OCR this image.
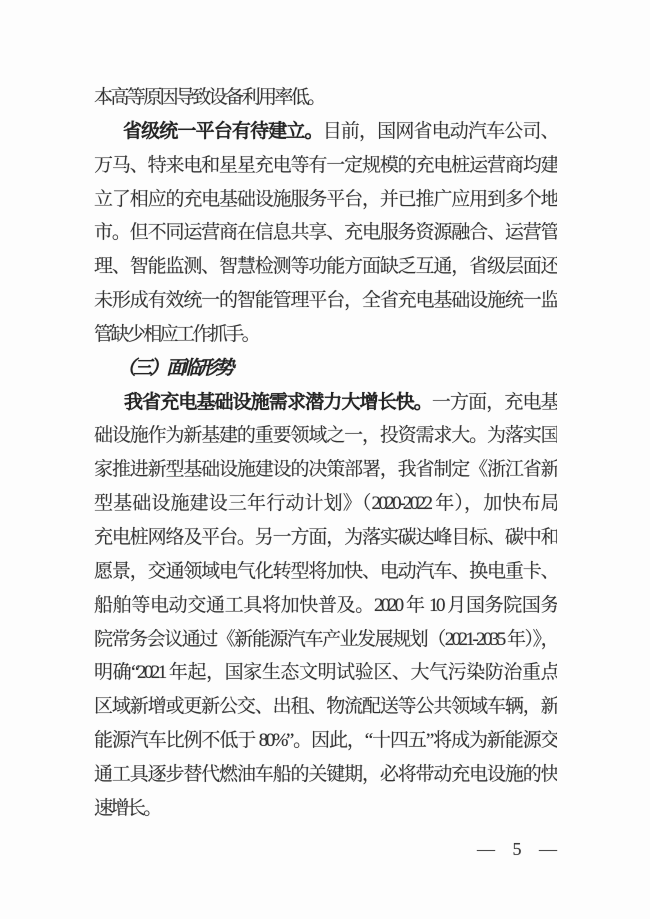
本高等原因导致设备利用率低。
省级统一平台有待建立。目前，国网省电动汽车公司、
万马、特来电和星星充电等有一定规模的充电桩运营商均建
立了相应的充电基础设施服务平台，并已推广应用到多个地
市。但不同运营商在信息共享、充电服务资源融合、运营管
理、智能监测、智慧检测等功能方面缺乏互通，省级层面还
未形成有效统一的智能管理平台，全省充电基础设施统一监
管缺少相应工作抓手。
（三）面临形势
我省充电基础设施需求潜力大增长快。一方面，充电基
础设施作为新基建的重要领域之一，投资需求大。为落实国
家推进新型基础设施建设的决策部署，我省制定《浙江省新
型基础设施建设三年行动计划》（2020-2022 年），加快布局
充电桩网络及平台。另一方面，为落实碳达峰目标、碳中和
愿景，交通领域电气化转型将加快、电动汽车、换电重卡、
船舶等电动交通工具将加快普及。2020 年 10 月国务院国务
院常务会议通过《新能源汽车产业发展规划（2021-2035 年）》，
明确“2021 年起，国家生态文明试验区、大气污染防治重点
区域新增或更新公交、出租、物流配送等公共领域车辆，新
能源汽车比例不低于 80%”。因此，“十四五”将成为新能源交
通工具逐步替代燃油车船的关键期，必将带动充电设施的快
速增长。
— 5 —
